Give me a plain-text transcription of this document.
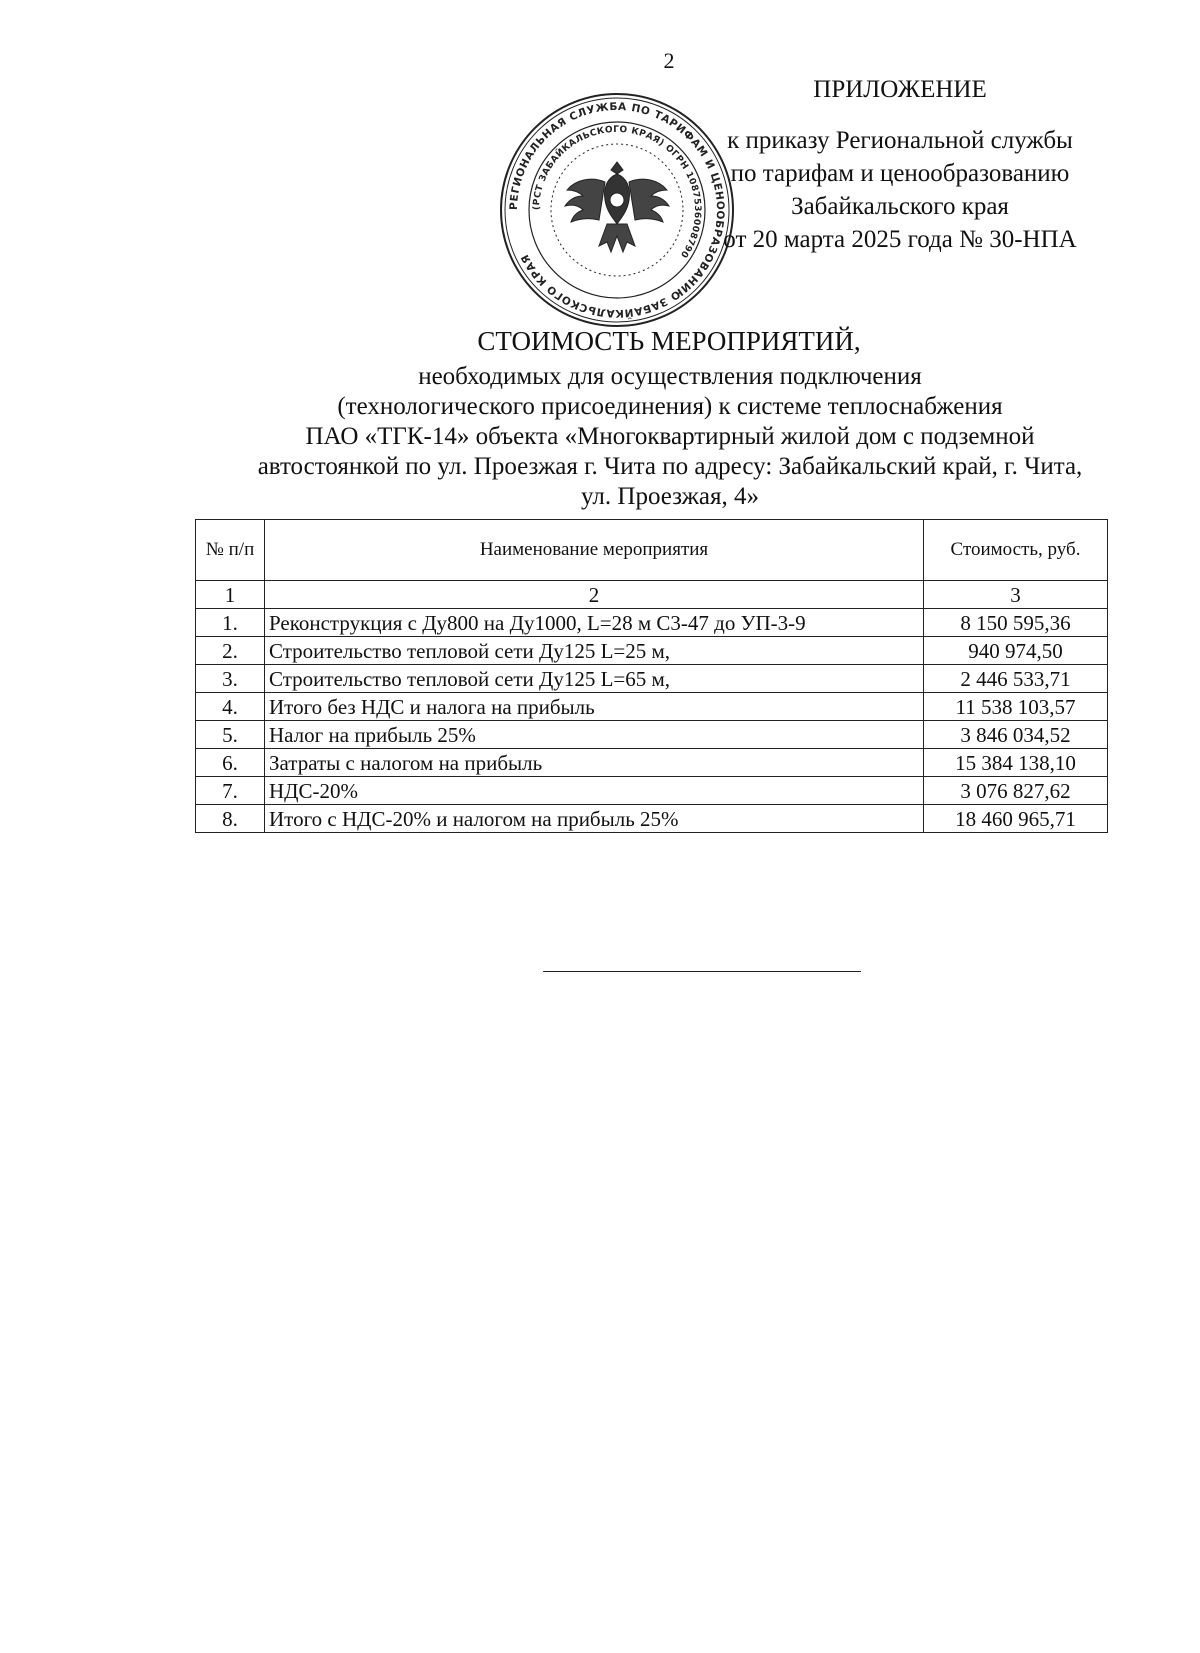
2
РЕГИОНАЛЬНАЯ СЛУЖБА ПО ТАРИФАМ И ЦЕНООБРАЗОВАНИЮ ЗАБАЙКАЛЬСКОГО КРАЯ
(РСТ ЗАБАЙКАЛЬСКОГО КРАЯ) ОГРН 1087536008790
ПРИЛОЖЕНИЕ
к приказу Региональной службы
по тарифам и ценообразованию
Забайкальского края
от 20 марта 2025 года № 30-НПА
СТОИМОСТЬ МЕРОПРИЯТИЙ,
необходимых для осуществления подключения
(технологического присоединения) к системе теплоснабжения
ПАО «ТГК-14» объекта «Многоквартирный жилой дом с подземной
автостоянкой по ул. Проезжая г. Чита по адресу: Забайкальский край, г. Чита,
ул. Проезжая, 4»
№ п/п	Наименование мероприятия	Стоимость, руб.
1	2	3
1.	Реконструкция с Ду800 на Ду1000, L=28 м С3-47 до УП-3-9	8 150 595,36
2.	Строительство тепловой сети Ду125 L=25 м,	940 974,50
3.	Строительство тепловой сети Ду125 L=65 м,	2 446 533,71
4.	Итого без НДС и налога на прибыль	11 538 103,57
5.	Налог на прибыль 25%	3 846 034,52
6.	Затраты с налогом на прибыль	15 384 138,10
7.	НДС-20%	3 076 827,62
8.	Итого с НДС-20% и налогом на прибыль 25%	18 460 965,71
